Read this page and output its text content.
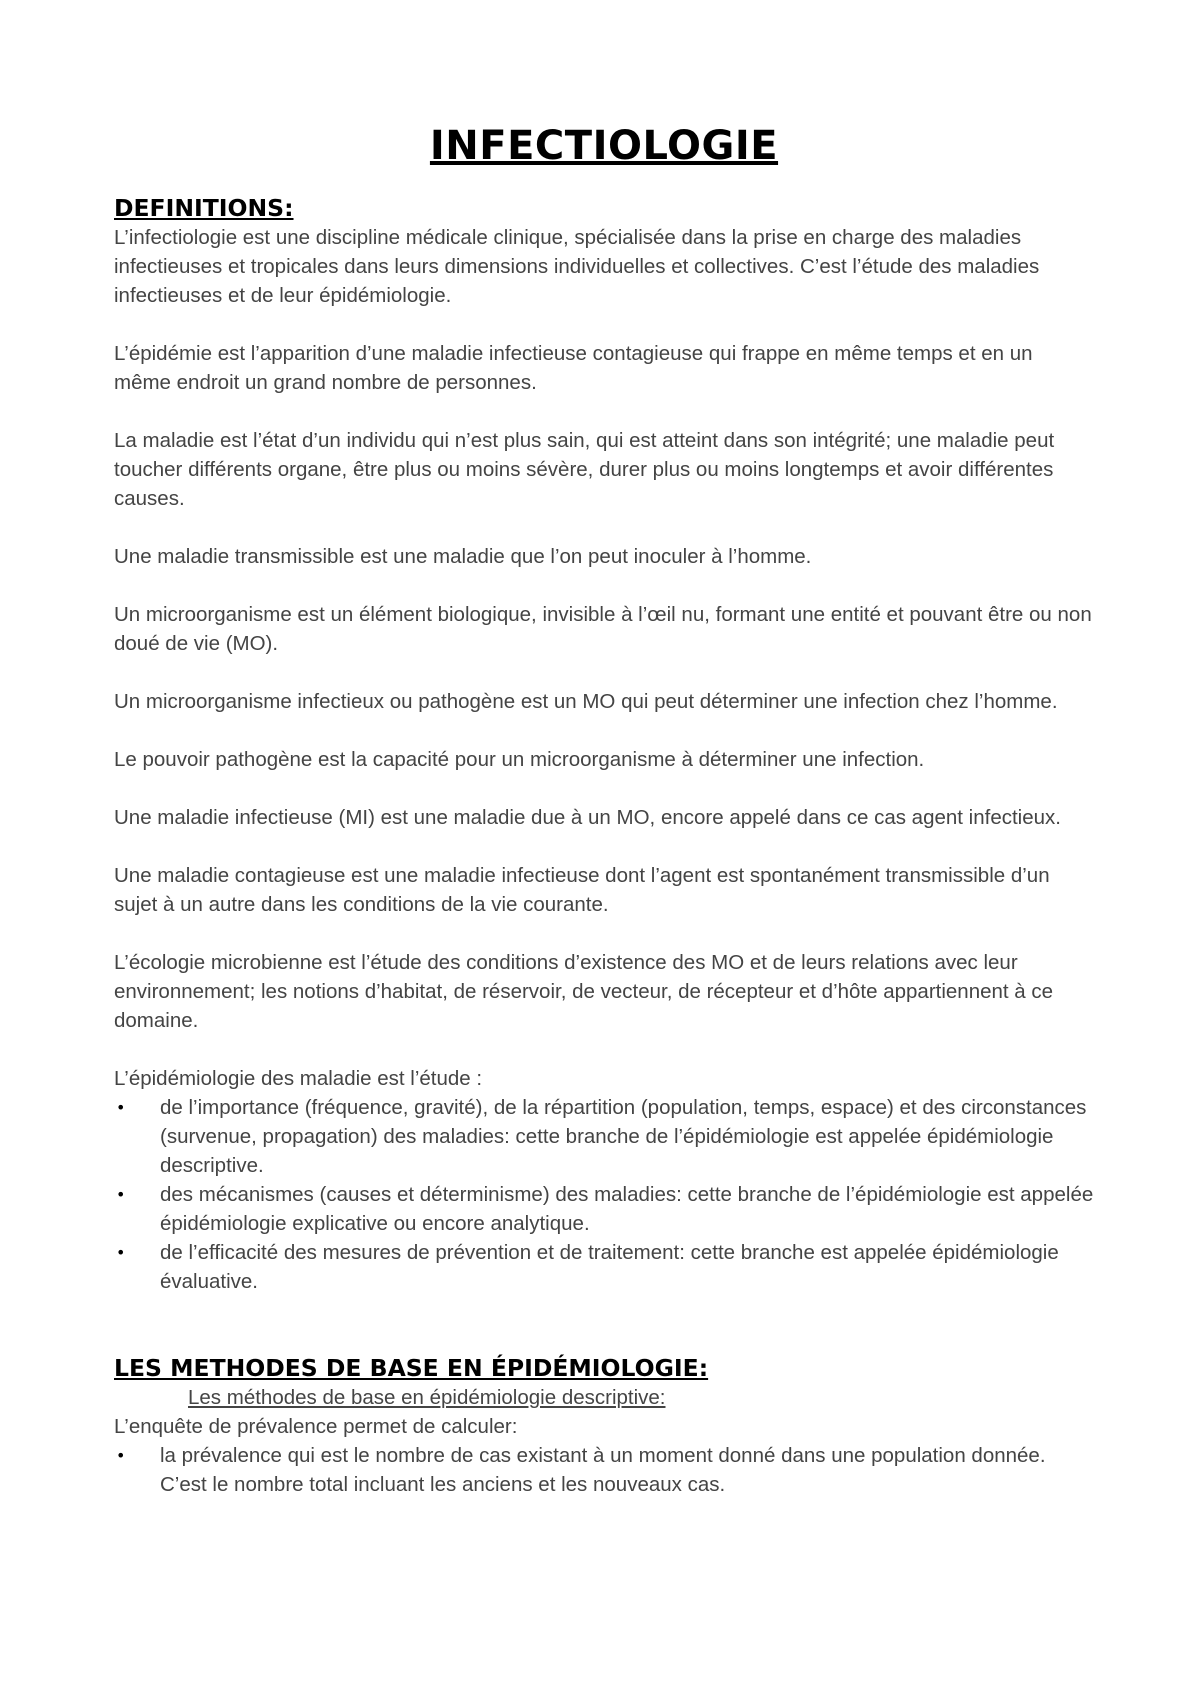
INFECTIOLOGIE
DEFINITIONS:

L’infectiologie est une discipline médicale clinique, spécialisée dans la prise en charge des maladies infectieuses et tropicales dans leurs dimensions individuelles et collectives. C’est l’étude des maladies infectieuses et de leur épidémiologie.

L’épidémie est l’apparition d’une maladie infectieuse contagieuse qui frappe en même temps et en un même endroit un grand nombre de personnes.

La maladie est l’état d’un individu qui n’est plus sain, qui est atteint dans son intégrité; une maladie peut toucher différents organe, être plus ou moins sévère, durer plus ou moins longtemps et avoir différentes causes.

Une maladie transmissible est une maladie que l’on peut inoculer à l’homme.

Un microorganisme est un élément biologique, invisible à l’œil nu, formant une entité et pouvant être ou non doué de vie (MO).

Un microorganisme infectieux ou pathogène est un MO qui peut déterminer une infection chez l’homme.

Le pouvoir pathogène est la capacité pour un microorganisme à déterminer une infection.

Une maladie infectieuse (MI) est une maladie due à un MO, encore appelé dans ce cas agent infectieux.

Une maladie contagieuse est une maladie infectieuse dont l’agent est spontanément transmissible d’un sujet à un autre dans les conditions de la vie courante.

L’écologie microbienne est l’étude des conditions d’existence des MO et de leurs relations avec leur environnement; les notions d’habitat, de réservoir, de vecteur, de récepteur et d’hôte appartiennent à ce domaine.

L’épidémiologie des maladie est l’étude :

• de l’importance (fréquence, gravité), de la répartition (population, temps, espace) et des circonstances (survenue, propagation) des maladies: cette branche de l’épidémiologie est appelée épidémiologie descriptive.
• des mécanismes (causes et déterminisme) des maladies: cette branche de l’épidémiologie est appelée épidémiologie explicative ou encore analytique.
• de l’efficacité des mesures de prévention et de traitement: cette branche est appelée épidémiologie évaluative.
LES METHODES DE BASE EN ÉPIDÉMIOLOGIE:

Les méthodes de base en épidémiologie descriptive:

L’enquête de prévalence permet de calculer:

• la prévalence qui est le nombre de cas existant à un moment donné dans une population donnée. C’est le nombre total incluant les anciens et les nouveaux cas.
